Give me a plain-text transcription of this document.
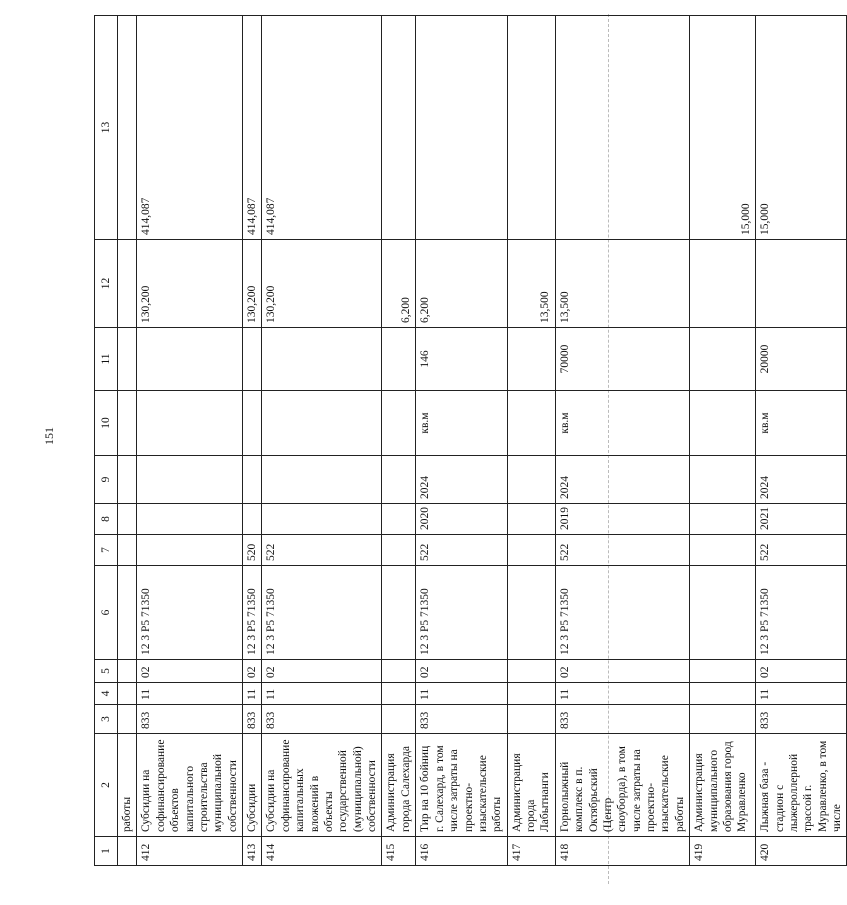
151
1	2	3	4	5	6	7	8	9	10	11	12	13
	работы											
412	Субсидии на софинансирование объектов капитального строительства муниципальной собственности	833	11	02	12 3 P5 71350						130,200	414,087
413	Субсидии	833	11	02	12 3 P5 71350	520					130,200	414,087
414	Субсидии на софинансирование капитальных вложений в объекты государственной (муниципальной) собственности	833	11	02	12 3 P5 71350	522					130,200	414,087
415	Администрация города Салехарда										6,200	
416	Тир на 10 бойниц г. Салехард, в том числе затраты на проектно-изыскательские работы	833	11	02	12 3 P5 71350	522	2020	2024	кв.м	146	6,200	
417	Администрация города Лабытнанги										13,500	
418	Горнолыжный комплекс в п. Октябрьский (Центр сноуборда), в том числе затраты на проектно-изыскательские работы	833	11	02	12 3 P5 71350	522	2019	2024	кв.м	70000	13,500	
419	Администрация муниципального образования город Муравленко											15,000
420	Лыжная база - стадион с лыжероллерной трассой г. Муравленко, в том числе	833	11	02	12 3 P5 71350	522	2021	2024	кв.м	20000		15,000
